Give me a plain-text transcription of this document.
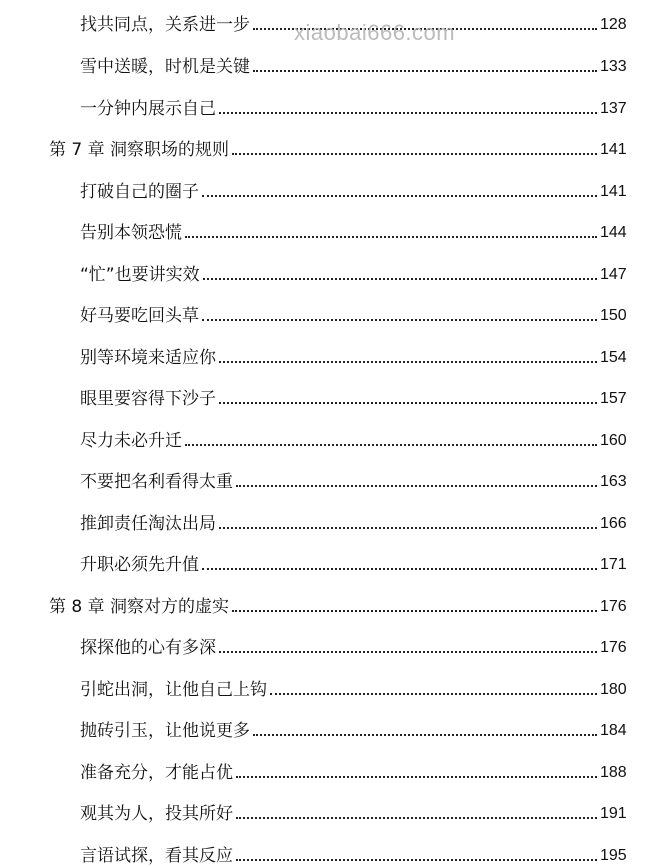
找共同点，关系进一步	128
雪中送暖，时机是关键	133
一分钟内展示自己	137
第 7 章 洞察职场的规则	141
打破自己的圈子	141
告别本领恐慌	144
“忙”也要讲实效	147
好马要吃回头草	150
别等环境来适应你	154
眼里要容得下沙子	157
尽力未必升迁	160
不要把名利看得太重	163
推卸责任淘汰出局	166
升职必须先升值	171
第 8 章 洞察对方的虚实	176
探探他的心有多深	176
引蛇出洞，让他自己上钩	180
抛砖引玉，让他说更多	184
准备充分，才能占优	188
观其为人，投其所好	191
言语试探，看其反应	195
xiaobai666.com
